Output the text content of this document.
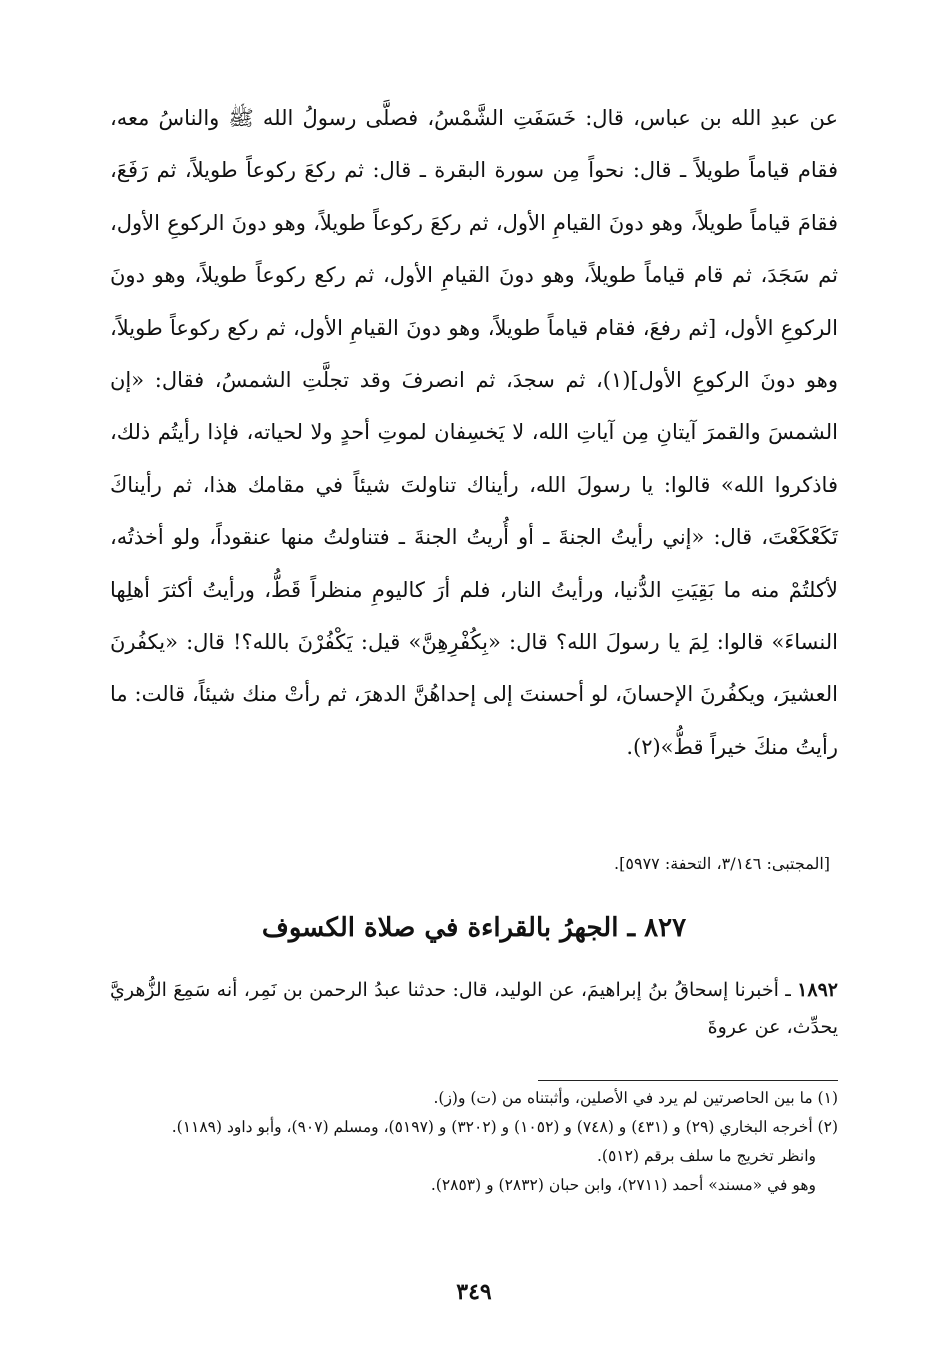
عن عبدِ الله بن عباس، قال: خَسَفَتِ الشَّمْسُ، فصلَّى رسولُ الله ﷺ والناسُ معه، فقام قياماً طويلاً ـ قال: نحواً مِن سورة البقرة ـ قال: ثم ركعَ ركوعاً طويلاً، ثم رَفَعَ، فقامَ قياماً طويلاً، وهو دونَ القيامِ الأول، ثم ركعَ ركوعاً طويلاً، وهو دونَ الركوعِ الأول، ثم سَجَدَ، ثم قام قياماً طويلاً، وهو دونَ القيامِ الأول، ثم ركع ركوعاً طويلاً، وهو دونَ الركوعِ الأول، [ثم رفعَ، فقام قياماً طويلاً، وهو دونَ القيامِ الأول، ثم ركع ركوعاً طويلاً، وهو دونَ الركوعِ الأول](١)، ثم سجدَ، ثم انصرفَ وقد تجلَّتِ الشمسُ، فقال: «إن الشمسَ والقمرَ آيتانِ مِن آياتِ الله، لا يَخسِفان لموتِ أحدٍ ولا لحياته، فإذا رأيتُم ذلك، فاذكروا الله» قالوا: يا رسولَ الله، رأيناك تناولتَ شيئاً في مقامك هذا، ثم رأيناكَ تَكَعْكَعْتَ، قال: «إني رأيتُ الجنةَ ـ أو أُريتُ الجنةَ ـ فتناولتُ منها عنقوداً، ولو أخذتُه، لأكلتُمْ منه ما بَقِيَتِ الدُّنيا، ورأيتُ النار، فلم أرَ كاليومِ منظراً قَطُّ، ورأيتُ أكثرَ أهلِها النساءَ» قالوا: لِمَ يا رسولَ الله؟ قال: «بِكُفْرِهِنَّ» قيل: يَكْفُرْنَ بالله؟! قال: «يكفُرنَ العشيرَ، ويكفُرنَ الإحسانَ، لو أحسنتَ إلى إحداهُنَّ الدهرَ، ثم رأتْ منك شيئاً، قالت: ما رأيتُ منكَ خيراً قطُّ»(٢).

[المجتبى: ٣/١٤٦، التحفة: ٥٩٧٧].

٨٢٧ ـ الجهرُ بالقراءة في صلاة الكسوف

١٨٩٢ ـ أخبرنا إسحاقُ بنُ إبراهيمَ، عن الوليد، قال: حدثنا عبدُ الرحمن بن نَمِر، أنه سَمِعَ الزُّهريَّ يحدِّث، عن عروةَ

(١) ما بين الحاصرتين لم يرد في الأصلين، وأثبتناه من (ت) و(ز).
(٢) أخرجه البخاري (٢٩) و (٤٣١) و (٧٤٨) و (١٠٥٢) و (٣٢٠٢) و (٥١٩٧)، ومسلم (٩٠٧)، وأبو داود (١١٨٩).
وانظر تخريج ما سلف برقم (٥١٢).
وهو في «مسند» أحمد (٢٧١١)، وابن حبان (٢٨٣٢) و (٢٨٥٣).

٣٤٩
